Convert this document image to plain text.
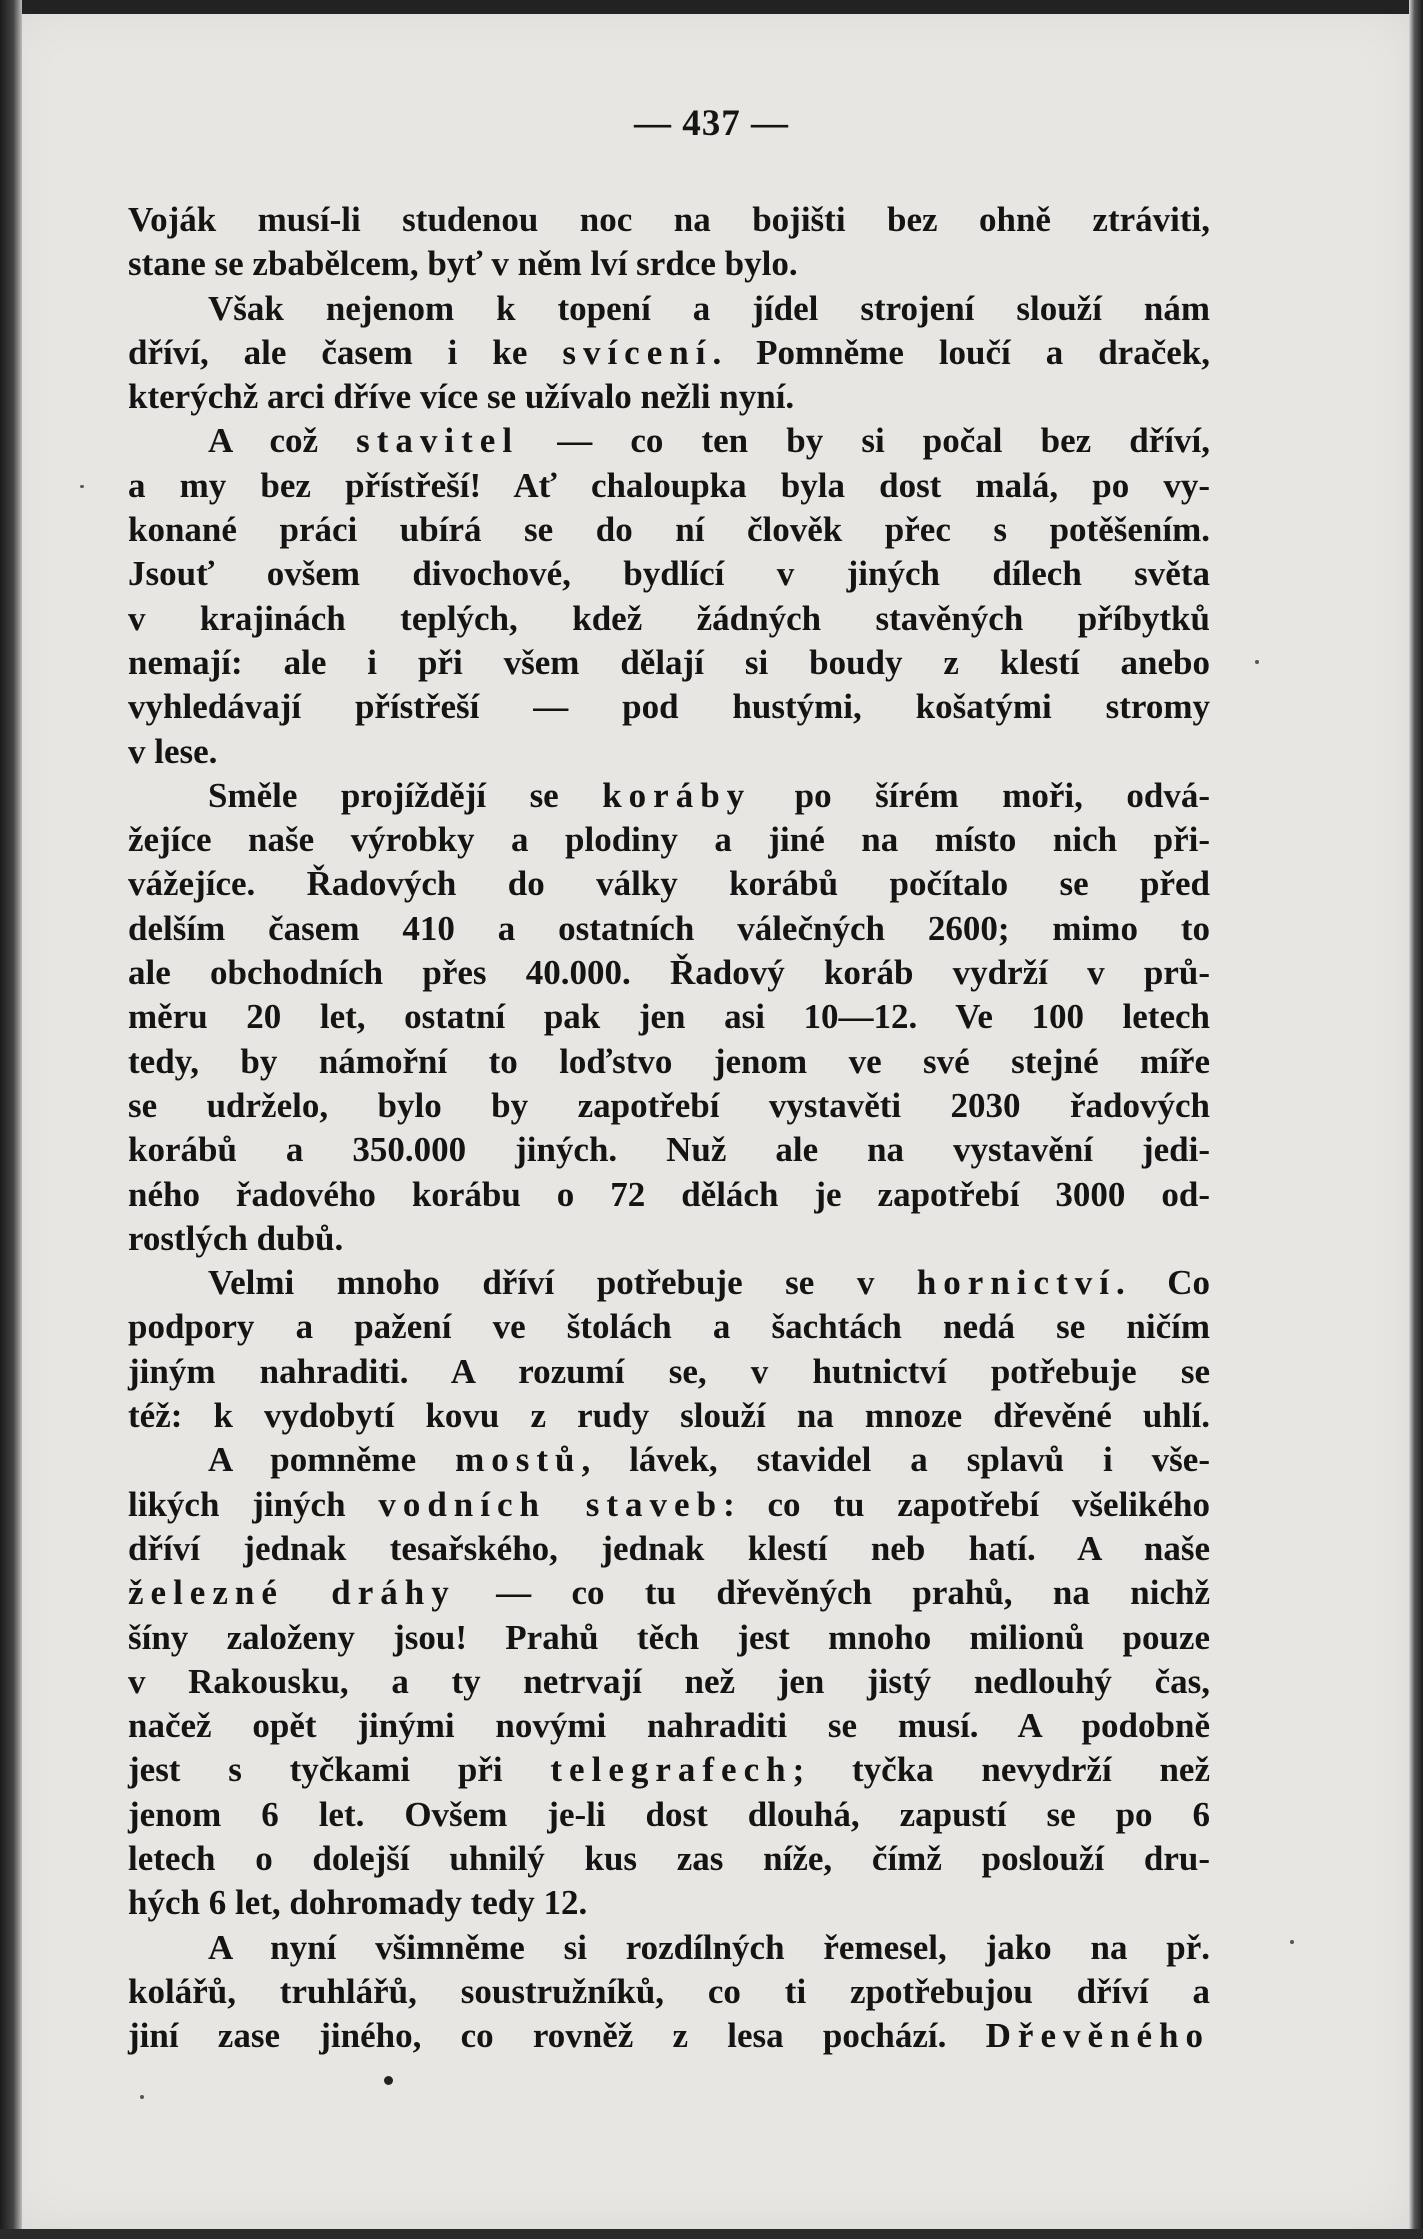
— 437 —
Voják musí-li studenou noc na bojišti bez ohně ztráviti,
stane se zbabělcem, byť v něm lví srdce bylo.
Však nejenom k topení a jídel strojení slouží nám
dříví, ale časem i ke svícení. Pomněme loučí a draček,
kterýchž arci dříve více se užívalo nežli nyní.
A což stavitel — co ten by si počal bez dříví,
a my bez přístřeší! Ať chaloupka byla dost malá, po vy-
konané práci ubírá se do ní člověk přec s potěšením.
Jsouť ovšem divochové, bydlící v jiných dílech světa
v krajinách teplých, kdež žádných stavěných příbytků
nemají: ale i při všem dělají si boudy z klestí anebo
vyhledávají přístřeší — pod hustými, košatými stromy
v lese.
Směle projíždějí se koráby po šírém moři, odvá-
žejíce naše výrobky a plodiny a jiné na místo nich při-
vážejíce. Řadových do války korábů počítalo se před
delším časem 410 a ostatních válečných 2600; mimo to
ale obchodních přes 40.000. Řadový koráb vydrží v prů-
měru 20 let, ostatní pak jen asi 10—12. Ve 100 letech
tedy, by námořní to loďstvo jenom ve své stejné míře
se udrželo, bylo by zapotřebí vystavěti 2030 řadových
korábů a 350.000 jiných. Nuž ale na vystavění jedi-
ného řadového korábu o 72 dělách je zapotřebí 3000 od-
rostlých dubů.
Velmi mnoho dříví potřebuje se v hornictví. Co
podpory a pažení ve štolách a šachtách nedá se ničím
jiným nahraditi. A rozumí se, v hutnictví potřebuje se
též: k vydobytí kovu z rudy slouží na mnoze dřevěné uhlí.
A pomněme mostů, lávek, stavidel a splavů i vše-
likých jiných vodních staveb: co tu zapotřebí všelikého
dříví jednak tesařského, jednak klestí neb hatí. A naše
železné dráhy — co tu dřevěných prahů, na nichž
šíny založeny jsou! Prahů těch jest mnoho milionů pouze
v Rakousku, a ty netrvají než jen jistý nedlouhý čas,
načež opět jinými novými nahraditi se musí. A podobně
jest s tyčkami při telegrafech; tyčka nevydrží než
jenom 6 let. Ovšem je-li dost dlouhá, zapustí se po 6
letech o dolejší uhnilý kus zas níže, čímž poslouží dru-
hých 6 let, dohromady tedy 12.
A nyní všimněme si rozdílných řemesel, jako na př.
kolářů, truhlářů, soustružníků, co ti zpotřebujou dříví a
jiní zase jiného, co rovněž z lesa pochází. Dřevěného
